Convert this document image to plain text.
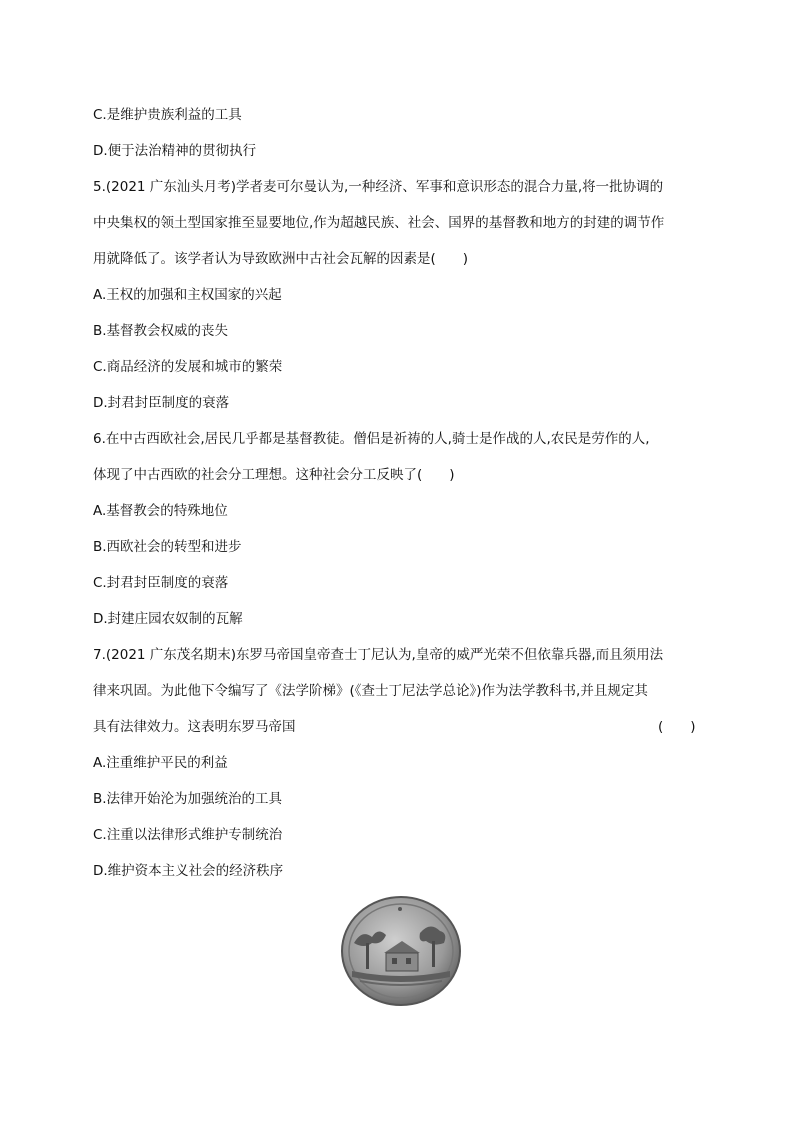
C.是维护贵族利益的工具
D.便于法治精神的贯彻执行
5.(2021 广东汕头月考)学者麦可尔曼认为,一种经济、军事和意识形态的混合力量,将一批协调的
中央集权的领土型国家推至显要地位,作为超越民族、社会、国界的基督教和地方的封建的调节作
用就降低了。该学者认为导致欧洲中古社会瓦解的因素是(　　)
A.王权的加强和主权国家的兴起
B.基督教会权威的丧失
C.商品经济的发展和城市的繁荣
D.封君封臣制度的衰落
6.在中古西欧社会,居民几乎都是基督教徒。僧侣是祈祷的人,骑士是作战的人,农民是劳作的人,
体现了中古西欧的社会分工理想。这种社会分工反映了(　　)
A.基督教会的特殊地位
B.西欧社会的转型和进步
C.封君封臣制度的衰落
D.封建庄园农奴制的瓦解
7.(2021 广东茂名期末)东罗马帝国皇帝查士丁尼认为,皇帝的威严光荣不但依靠兵器,而且须用法
律来巩固。为此他下令编写了《法学阶梯》(《查士丁尼法学总论》)作为法学教科书,并且规定其
具有法律效力。这表明东罗马帝国	(　　)
A.注重维护平民的利益
B.法律开始沦为加强统治的工具
C.注重以法律形式维护专制统治
D.维护资本主义社会的经济秩序
